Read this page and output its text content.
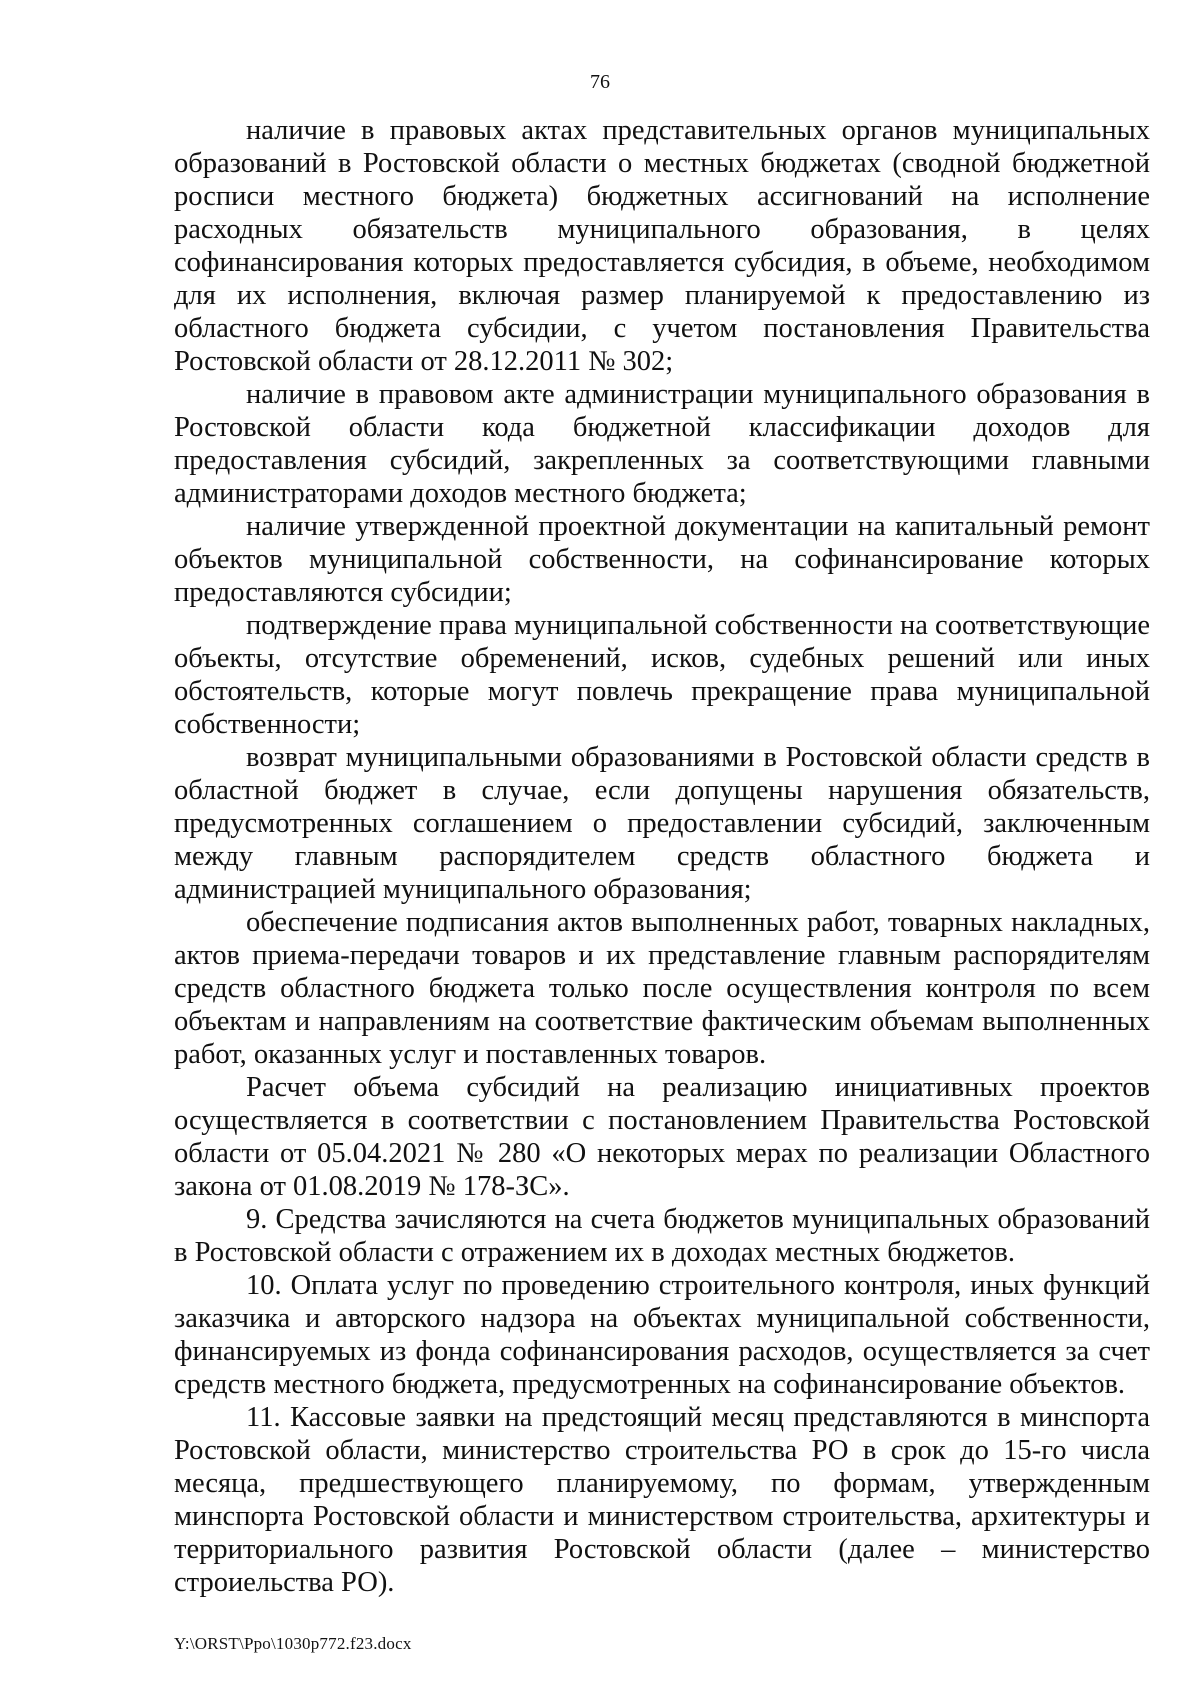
76

наличие в правовых актах представительных органов муниципальных образований в Ростовской области о местных бюджетах (сводной бюджетной росписи местного бюджета) бюджетных ассигнований на исполнение расходных обязательств муниципального образования, в целях софинансирования которых предоставляется субсидия, в объеме, необходимом для их исполнения, включая размер планируемой к предоставлению из областного бюджета субсидии, с учетом постановления Правительства Ростовской области от 28.12.2011 № 302;

наличие в правовом акте администрации муниципального образования в Ростовской области кода бюджетной классификации доходов для предоставления субсидий, закрепленных за соответствующими главными администраторами доходов местного бюджета;

наличие утвержденной проектной документации на капитальный ремонт объектов муниципальной собственности, на софинансирование которых предоставляются субсидии;

подтверждение права муниципальной собственности на соответствующие объекты, отсутствие обременений, исков, судебных решений или иных обстоятельств, которые могут повлечь прекращение права муниципальной собственности;

возврат муниципальными образованиями в Ростовской области средств в областной бюджет в случае, если допущены нарушения обязательств, предусмотренных соглашением о предоставлении субсидий, заключенным между главным распорядителем средств областного бюджета и администрацией муниципального образования;

обеспечение подписания актов выполненных работ, товарных накладных, актов приема-передачи товаров и их представление главным распорядителям средств областного бюджета только после осуществления контроля по всем объектам и направлениям на соответствие фактическим объемам выполненных работ, оказанных услуг и поставленных товаров.

Расчет объема субсидий на реализацию инициативных проектов осуществляется в соответствии с постановлением Правительства Ростовской области от 05.04.2021 № 280 «О некоторых мерах по реализации Областного закона от 01.08.2019 № 178-ЗС».

9. Средства зачисляются на счета бюджетов муниципальных образований в Ростовской области с отражением их в доходах местных бюджетов.

10. Оплата услуг по проведению строительного контроля, иных функций заказчика и авторского надзора на объектах муниципальной собственности, финансируемых из фонда софинансирования расходов, осуществляется за счет средств местного бюджета, предусмотренных на софинансирование объектов.

11. Кассовые заявки на предстоящий месяц представляются в минспорта Ростовской области, министерство строительства РО в срок до 15-го числа месяца, предшествующего планируемому, по формам, утвержденным минспорта Ростовской области и министерством строительства, архитектуры и территориального развития Ростовской области (далее – министерство строиельства РО).

Y:\ORST\Ppo\1030p772.f23.docx
